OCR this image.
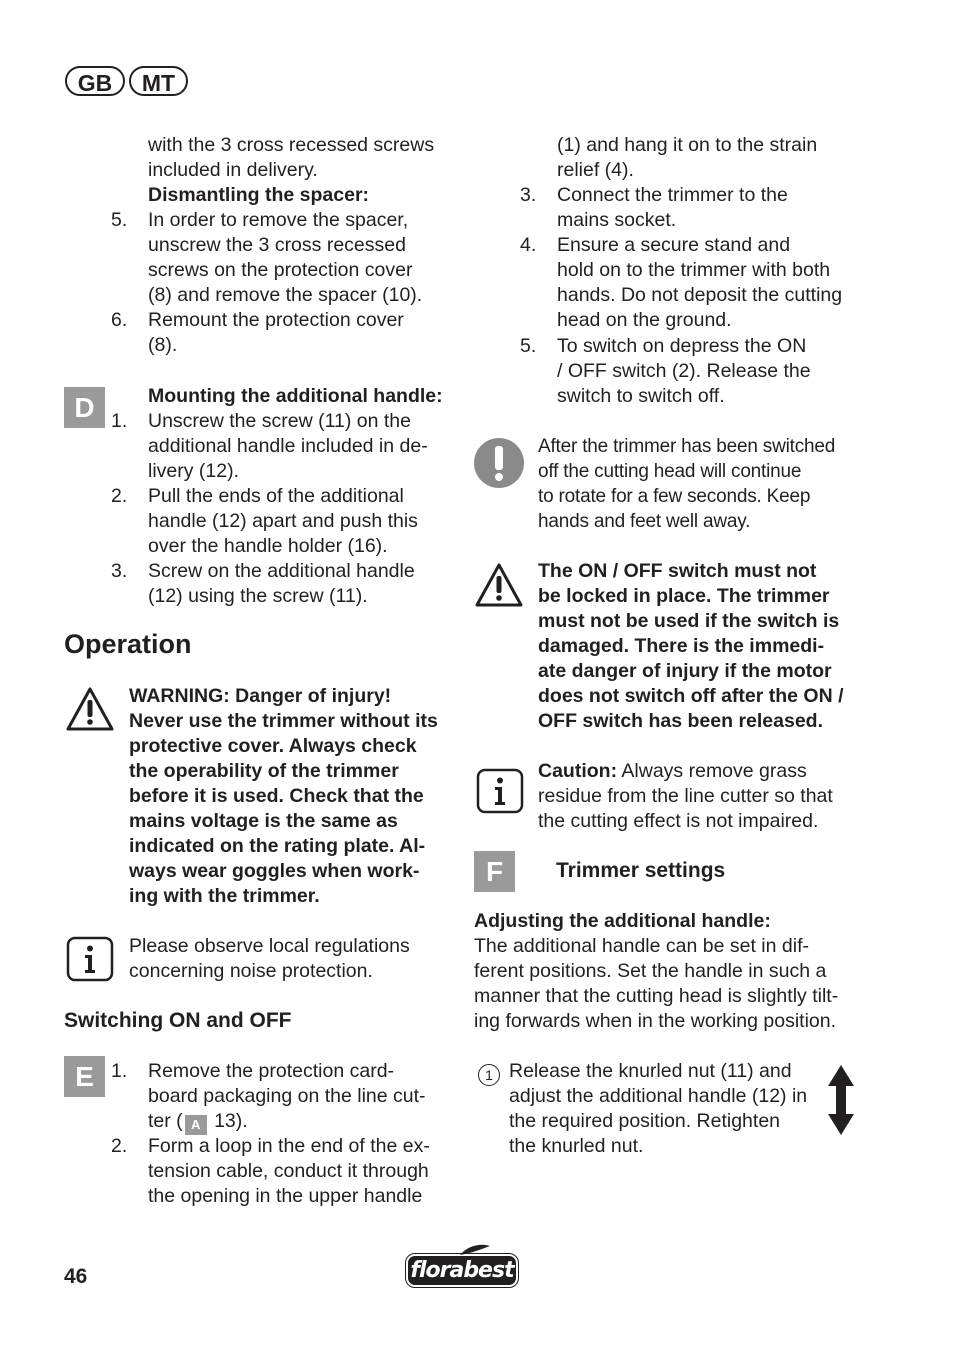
GB	MT
with the 3 cross recessed screws
included in delivery.
Dismantling the spacer:
5. In order to remove the spacer,
unscrew the 3 cross recessed
screws on the protection cover
(8) and remove the spacer (10).
6. Remount the protection cover
(8).
D	Mounting the additional handle:
1. Unscrew the screw (11) on the
additional handle included in de-
livery (12).
2. Pull the ends of the additional
handle (12) apart and push this
over the handle holder (16).
3. Screw on the additional handle
(12) using the screw (11).
Operation
WARNING: Danger of injury!
Never use the trimmer without its
protective cover. Always check
the operability of the trimmer
before it is used. Check that the
mains voltage is the same as
indicated on the rating plate. Al-
ways wear goggles when work-
ing with the trimmer.
Please observe local regulations
concerning noise protection.
Switching ON and OFF
E 1. Remove the protection card-
board packaging on the line cut-
ter ( A 13).
2. Form a loop in the end of the ex-
tension cable, conduct it through
the opening in the upper handle
(1) and hang it on to the strain
relief (4).
3. Connect the trimmer to the
mains socket.
4. Ensure a secure stand and
hold on to the trimmer with both
hands. Do not deposit the cutting
head on the ground.
5. To switch on depress the ON
/ OFF switch (2). Release the
switch to switch off.
After the trimmer has been switched
off the cutting head will continue
to rotate for a few seconds. Keep
hands and feet well away.
The ON / OFF switch must not
be locked in place. The trimmer
must not be used if the switch is
damaged. There is the immedi-
ate danger of injury if the motor
does not switch off after the ON /
OFF switch has been released.
Caution: Always remove grass
residue from the line cutter so that
the cutting effect is not impaired.
F	Trimmer settings
Adjusting the additional handle:
The additional handle can be set in dif-
ferent positions. Set the handle in such a
manner that the cutting head is slightly tilt-
ing forwards when in the working position.
1 Release the knurled nut (11) and
adjust the additional handle (12) in
the required position. Retighten
the knurled nut.
46	florabest
